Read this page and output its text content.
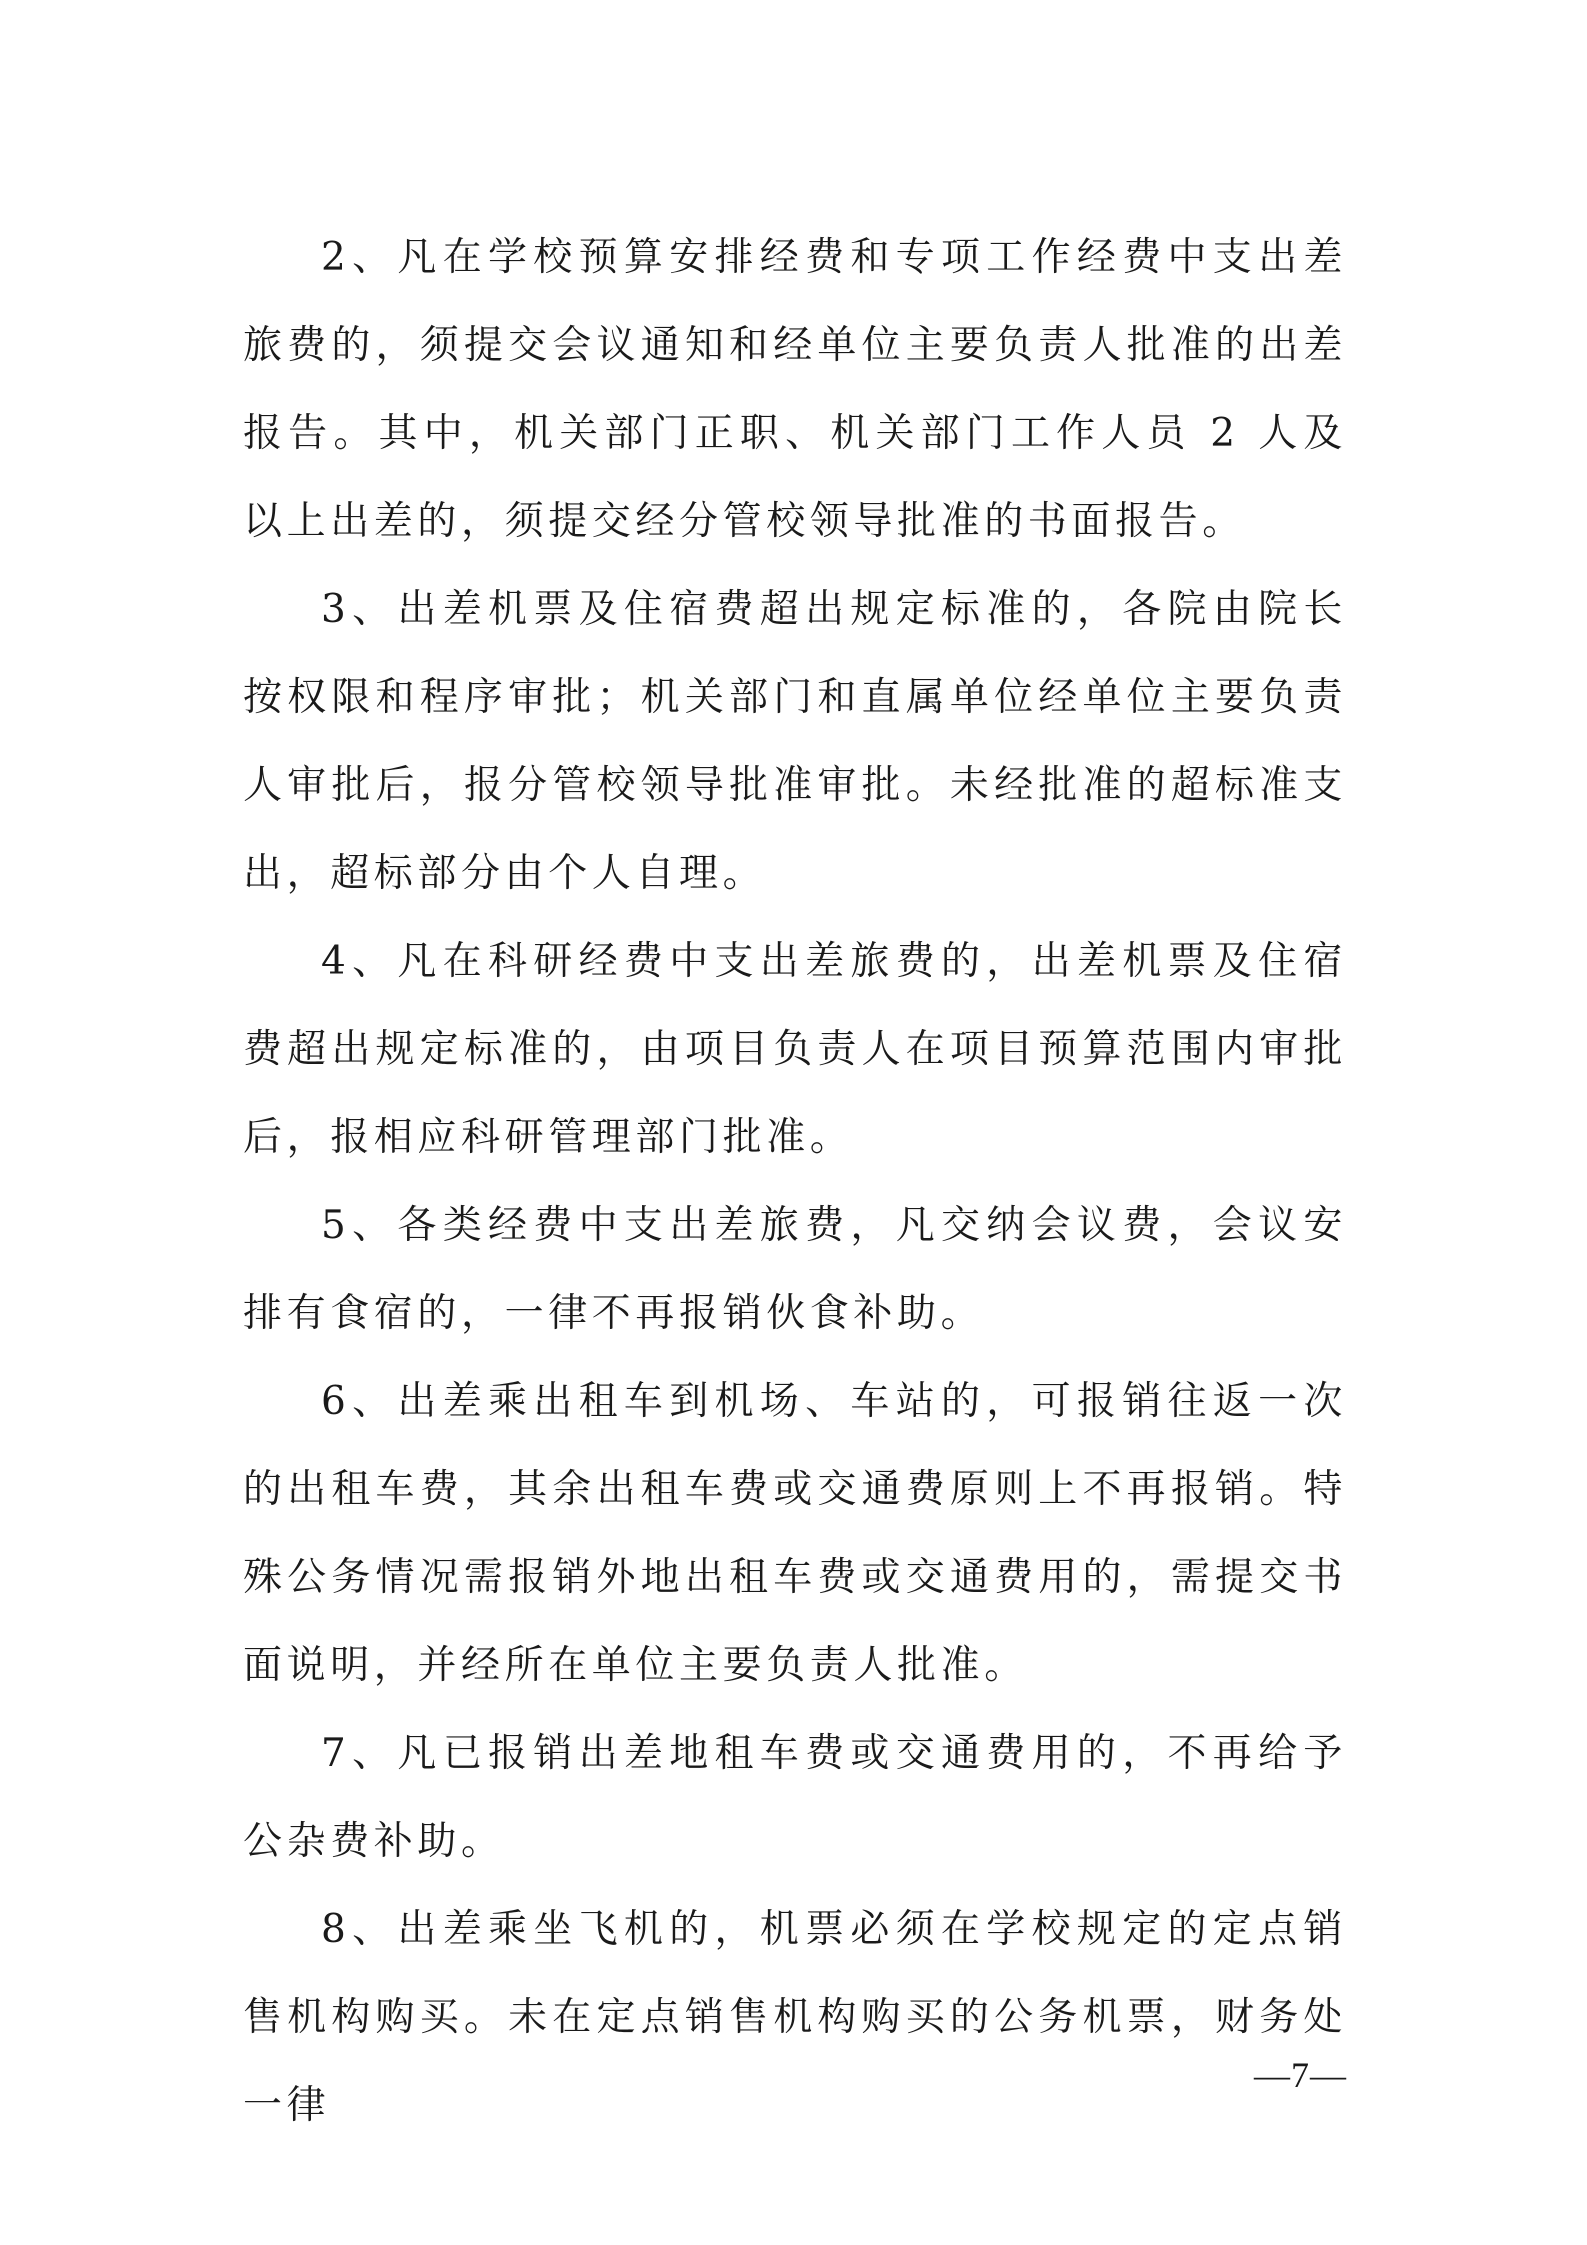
2、凡在学校预算安排经费和专项工作经费中支出差旅费的，须提交会议通知和经单位主要负责人批准的出差报告。其中，机关部门正职、机关部门工作人员 2 人及以上出差的，须提交经分管校领导批准的书面报告。

3、出差机票及住宿费超出规定标准的，各院由院长按权限和程序审批；机关部门和直属单位经单位主要负责人审批后，报分管校领导批准审批。未经批准的超标准支出，超标部分由个人自理。

4、凡在科研经费中支出差旅费的，出差机票及住宿费超出规定标准的，由项目负责人在项目预算范围内审批后，报相应科研管理部门批准。

5、各类经费中支出差旅费，凡交纳会议费，会议安排有食宿的，一律不再报销伙食补助。

6、出差乘出租车到机场、车站的，可报销往返一次的出租车费，其余出租车费或交通费原则上不再报销。特殊公务情况需报销外地出租车费或交通费用的，需提交书面说明，并经所在单位主要负责人批准。

7、凡已报销出差地租车费或交通费用的，不再给予公杂费补助。

8、出差乘坐飞机的，机票必须在学校规定的定点销售机构购买。未在定点销售机构购买的公务机票，财务处一律

—7—
